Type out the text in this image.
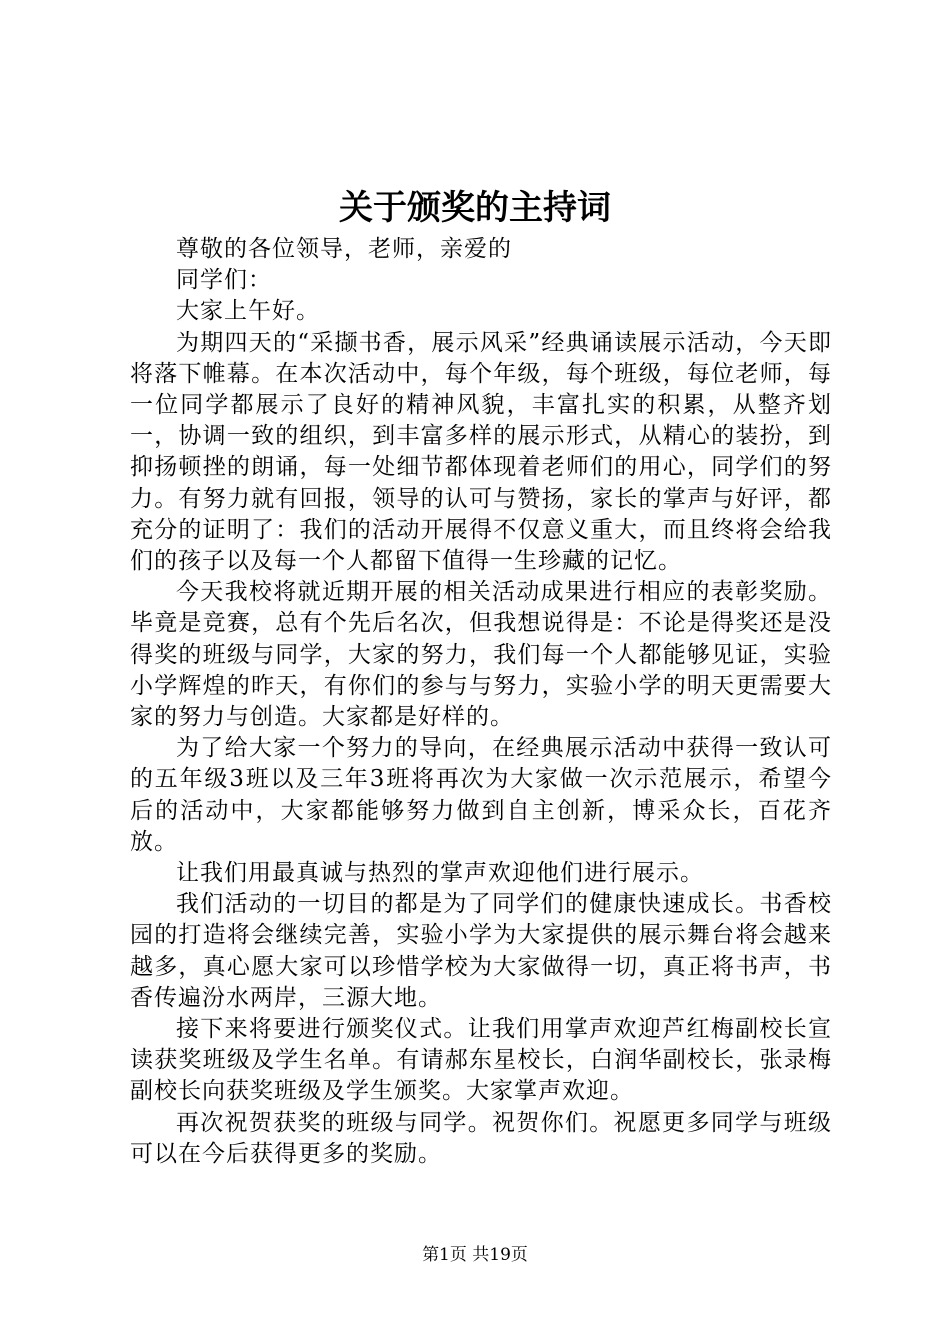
关于颁奖的主持词

尊敬的各位领导，老师，亲爱的

同学们：

大家上午好。

为期四天的“采撷书香，展示风采”经典诵读展示活动，今天即将落下帷幕。在本次活动中，每个年级，每个班级，每位老师，每一位同学都展示了良好的精神风貌，丰富扎实的积累，从整齐划一，协调一致的组织，到丰富多样的展示形式，从精心的装扮，到抑扬顿挫的朗诵，每一处细节都体现着老师们的用心，同学们的努力。有努力就有回报，领导的认可与赞扬，家长的掌声与好评，都充分的证明了：我们的活动开展得不仅意义重大，而且终将会给我们的孩子以及每一个人都留下值得一生珍藏的记忆。

今天我校将就近期开展的相关活动成果进行相应的表彰奖励。毕竟是竞赛，总有个先后名次，但我想说得是：不论是得奖还是没得奖的班级与同学，大家的努力，我们每一个人都能够见证，实验小学辉煌的昨天，有你们的参与与努力，实验小学的明天更需要大家的努力与创造。大家都是好样的。

为了给大家一个努力的导向，在经典展示活动中获得一致认可的五年级3班以及三年3班将再次为大家做一次示范展示，希望今后的活动中，大家都能够努力做到自主创新，博采众长，百花齐放。

让我们用最真诚与热烈的掌声欢迎他们进行展示。

我们活动的一切目的都是为了同学们的健康快速成长。书香校园的打造将会继续完善，实验小学为大家提供的展示舞台将会越来越多，真心愿大家可以珍惜学校为大家做得一切，真正将书声，书香传遍汾水两岸，三源大地。

接下来将要进行颁奖仪式。让我们用掌声欢迎芦红梅副校长宣读获奖班级及学生名单。有请郝东星校长，白润华副校长，张录梅副校长向获奖班级及学生颁奖。大家掌声欢迎。

再次祝贺获奖的班级与同学。祝贺你们。祝愿更多同学与班级可以在今后获得更多的奖励。

第1页 共19页
